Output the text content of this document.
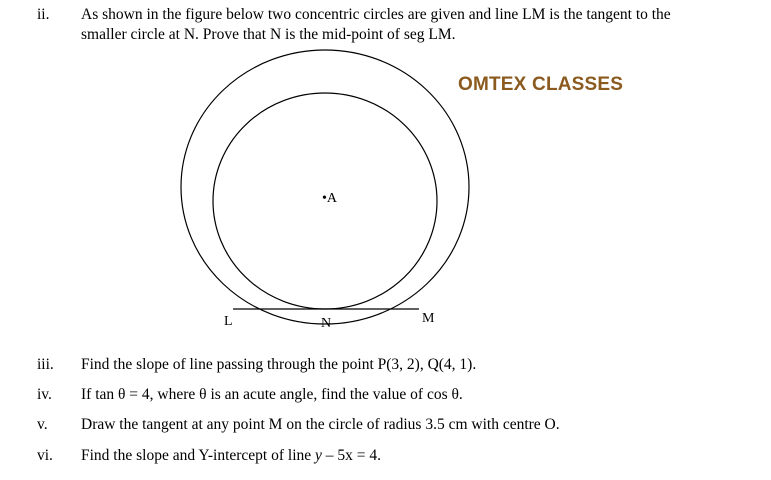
ii. As shown in the figure below two concentric circles are given and line LM is the tangent to the
smaller circle at N. Prove that N is the mid-point of seg LM.
OMTEX CLASSES
•A
L	N	M
iii. Find the slope of line passing through the point P(3, 2), Q(4, 1).
iv. If tan θ = 4, where θ is an acute angle, find the value of cos θ.
v. Draw the tangent at any point M on the circle of radius 3.5 cm with centre O.
vi. Find the slope and Y-intercept of line y – 5x = 4.
